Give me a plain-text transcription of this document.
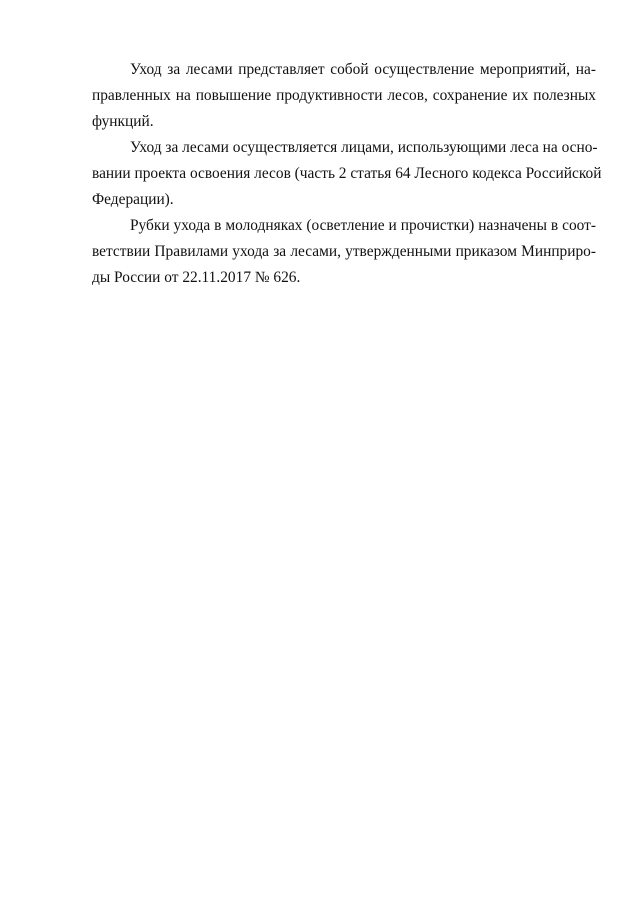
Уход за лесами представляет собой осуществление мероприятий, на-
правленных на повышение продуктивности лесов, сохранение их полезных
функций.
Уход за лесами осуществляется лицами, использующими леса на осно-
вании проекта освоения лесов (часть 2 статья 64 Лесного кодекса Российской
Федерации).
Рубки ухода в молодняках (осветление и прочистки) назначены в соот-
ветствии Правилами ухода за лесами, утвержденными приказом Минприро-
ды России от 22.11.2017 № 626.
